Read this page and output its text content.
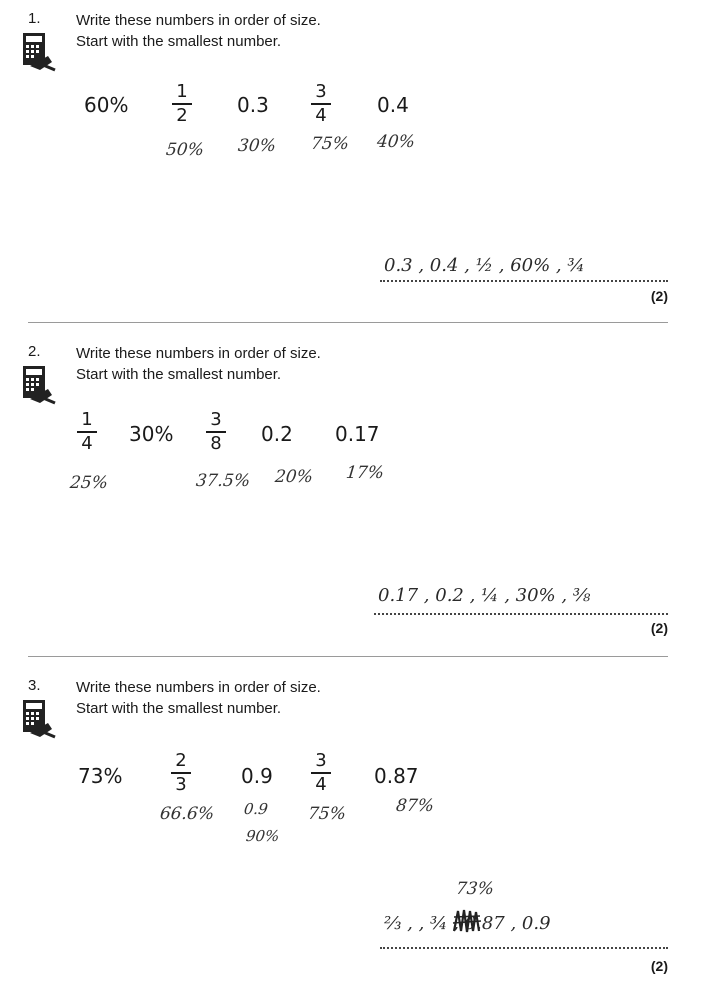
1. Write these numbers in order of size.
Start with the smallest number.
60%
1
2	0.3
3
4	0.4
50% 30% 75% 40%
0.3 , 0.4 , ½ , 60% , ¾
(2)
2. Write these numbers in order of size.
Start with the smallest number.
1
4	30%
3
8	0.2 0.17
25%	37.5% 20% 17%
0.17 , 0.2 , ¼ , 30% , ⅜
(2)
3. Write these numbers in order of size.
Start with the smallest number.
73%
2
3	0.9
3
4	0.87
66.6% 0.9
90%
75%	87%
73%
⅔ , , ¾ , 0.87 , 0.9
(2)
